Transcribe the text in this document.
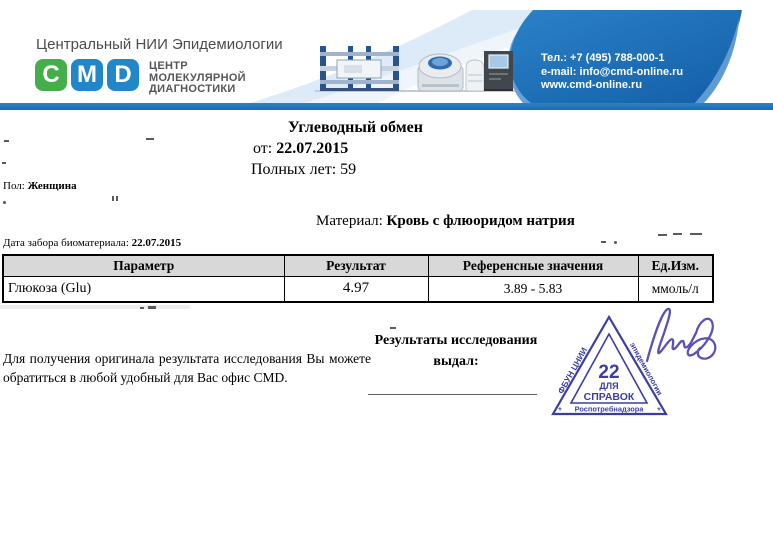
Центральный НИИ Эпидемиологии
C M D	ЦЕНТР
МОЛЕКУЛЯРНОЙ
ДИАГНОСТИКИ
Тел.: +7 (495) 788-000-1
e-mail: info@cmd-online.ru
www.cmd-online.ru
Углеводный обмен
от: 22.07.2015
Полных лет: 59
Пол: Женщина
Материал: Кровь с флюоридом натрия
Дата забора биоматериала: 22.07.2015
Параметр	Результат	Референсные значения	Ед.Изм.
Глюкоза (Glu)	4.97	3.89 - 5.83	ммоль/л
Для получения оригинала результата исследования Вы можете обратиться в любой удобный для Вас офис CMD.
Результаты исследования
выдал:
__________________________
22
ДЛЯ
СПРАВОК
Роспотребнадзора
*	*
ФБУН ЦНИИ	эпидемиологии
